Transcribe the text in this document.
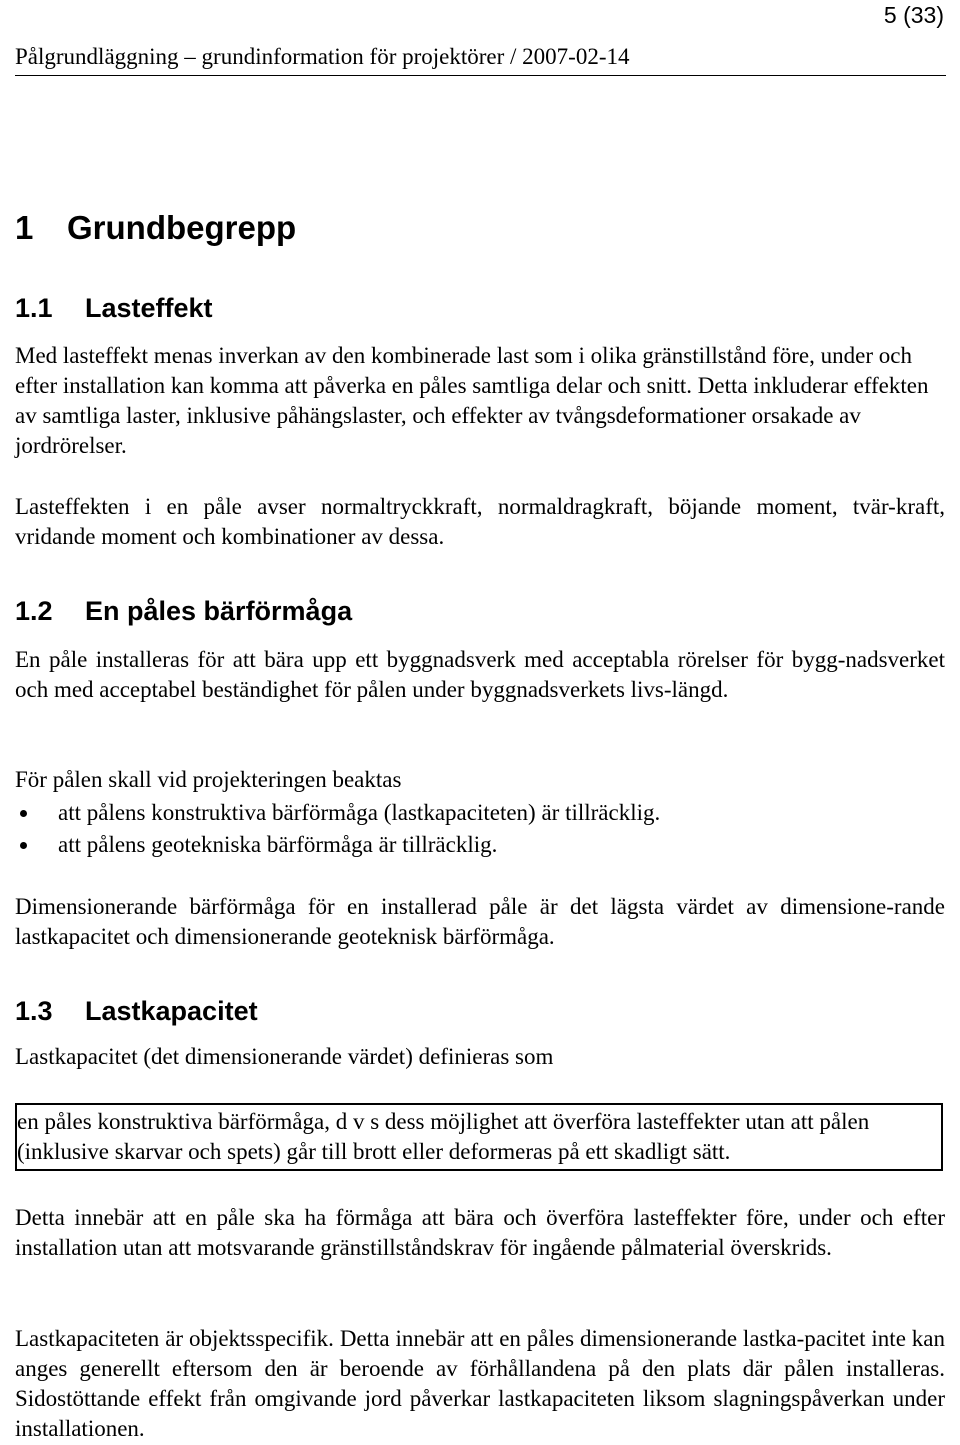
5 (33)
Pålgrundläggning – grundinformation för projektörer / 2007-02-14
1 Grundbegrepp
1.1 Lasteffekt

Med lasteffekt menas inverkan av den kombinerade last som i olika gränstillstånd före, under och efter installation kan komma att påverka en påles samtliga delar och snitt. Detta inkluderar effekten av samtliga laster, inklusive påhängslaster, och effekter av tvångsdeformationer orsakade av jordrörelser.

Lasteffekten i en påle avser normaltryckkraft, normaldragkraft, böjande moment, tvär-kraft, vridande moment och kombinationer av dessa.

1.2 En påles bärförmåga

En påle installeras för att bära upp ett byggnadsverk med acceptabla rörelser för bygg-nadsverket och med acceptabel beständighet för pålen under byggnadsverkets livs-längd.

För pålen skall vid projekteringen beaktas

att pålens konstruktiva bärförmåga (lastkapaciteten) är tillräcklig.
att pålens geotekniska bärförmåga är tillräcklig.

Dimensionerande bärförmåga för en installerad påle är det lägsta värdet av dimensione-rande lastkapacitet och dimensionerande geoteknisk bärförmåga.

1.3 Lastkapacitet

Lastkapacitet (det dimensionerande värdet) definieras som

en påles konstruktiva bärförmåga, d v s dess möjlighet att överföra lasteffekter utan att pålen (inklusive skarvar och spets) går till brott eller deformeras på ett skadligt sätt.

Detta innebär att en påle ska ha förmåga att bära och överföra lasteffekter före, under och efter installation utan att motsvarande gränstillståndskrav för ingående pålmaterial överskrids.

Lastkapaciteten är objektsspecifik. Detta innebär att en påles dimensionerande lastka-pacitet inte kan anges generellt eftersom den är beroende av förhållandena på den plats där pålen installeras. Sidostöttande effekt från omgivande jord påverkar lastkapaciteten liksom slagningspåverkan under installationen.
